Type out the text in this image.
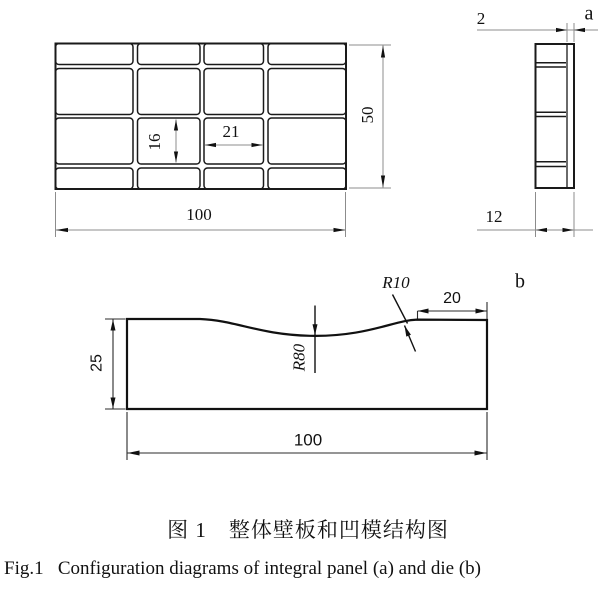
50
100
16
21
2
12
a
25
100
20
R80
R10	b
图 1　整体壁板和凹模结构图
Fig.1   Configuration diagrams of integral panel (a) and die (b)
